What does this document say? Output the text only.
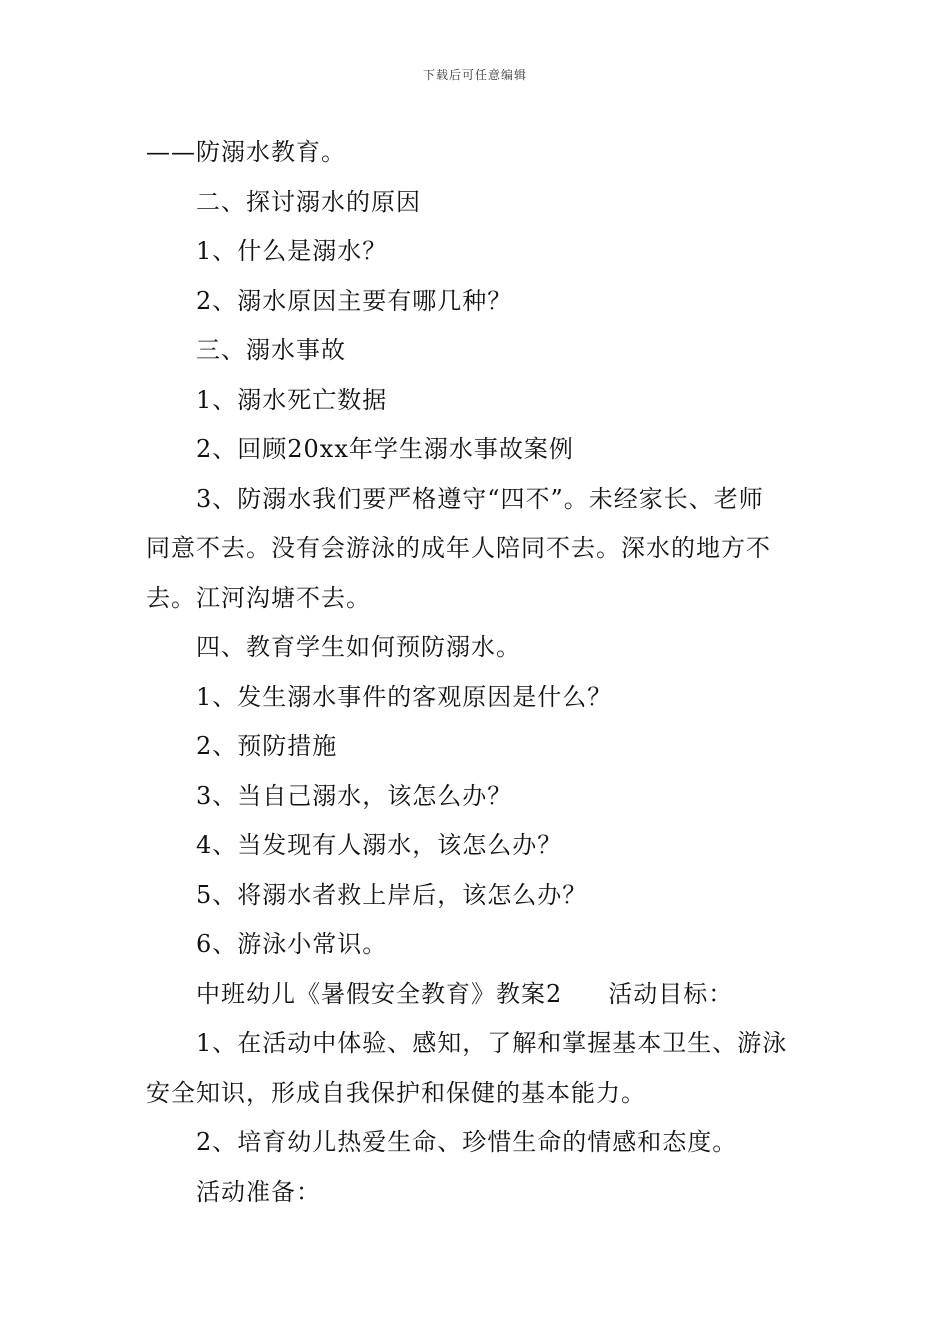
下载后可任意编辑
——防溺水教育。
二、探讨溺水的原因
1、什么是溺水？
2、溺水原因主要有哪几种？
三、溺水事故
1、溺水死亡数据
2、回顾20xx年学生溺水事故案例
3、防溺水我们要严格遵守“四不”。未经家长、老师
同意不去。没有会游泳的成年人陪同不去。深水的地方不
去。江河沟塘不去。
四、教育学生如何预防溺水。
1、发生溺水事件的客观原因是什么？
2、预防措施
3、当自己溺水，该怎么办？
4、当发现有人溺水，该怎么办？
5、将溺水者救上岸后，该怎么办？
6、游泳小常识。
中班幼儿《暑假安全教育》教案2 活动目标：
1、在活动中体验、感知，了解和掌握基本卫生、游泳
安全知识，形成自我保护和保健的基本能力。
2、培育幼儿热爱生命、珍惜生命的情感和态度。
活动准备：
